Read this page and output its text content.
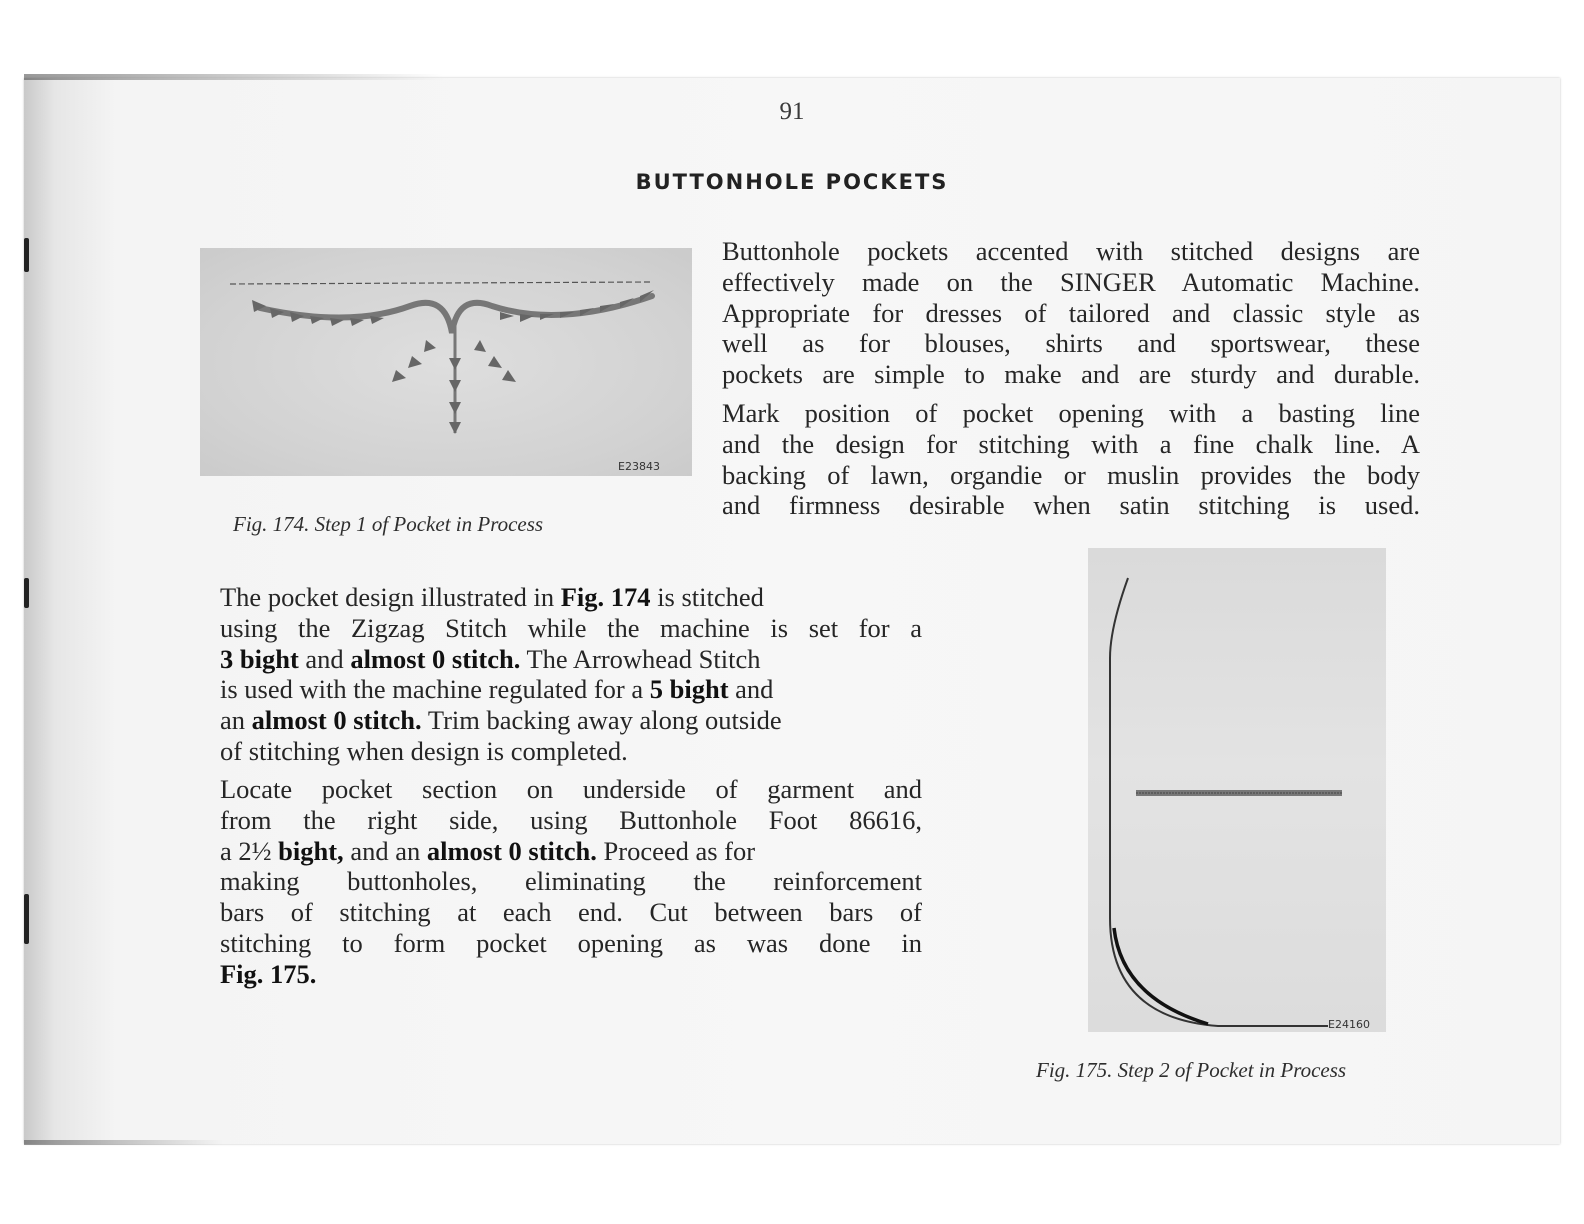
91
BUTTONHOLE POCKETS
E23843
Fig. 174. Step 1 of Pocket in Process
Buttonhole pockets accented with stitched designs are
effectively made on the SINGER Automatic Machine.
Appropriate for dresses of tailored and classic style as
well as for blouses, shirts and sportswear, these
pockets are simple to make and are sturdy and durable.
Mark position of pocket opening with a basting line
and the design for stitching with a fine chalk line. A
backing of lawn, organdie or muslin provides the body
and firmness desirable when satin stitching is used.
E24160
Fig. 175. Step 2 of Pocket in Process
The pocket design illustrated in Fig. 174 is stitched
using the Zigzag Stitch while the machine is set for a
3 bight and almost 0 stitch. The Arrowhead Stitch
is used with the machine regulated for a 5 bight and
an almost 0 stitch. Trim backing away along outside
of stitching when design is completed.
Locate pocket section on underside of garment and
from the right side, using Buttonhole Foot 86616,
a 2½ bight, and an almost 0 stitch. Proceed as for
making buttonholes, eliminating the reinforcement
bars of stitching at each end. Cut between bars of
stitching to form pocket opening as was done in
Fig. 175.
